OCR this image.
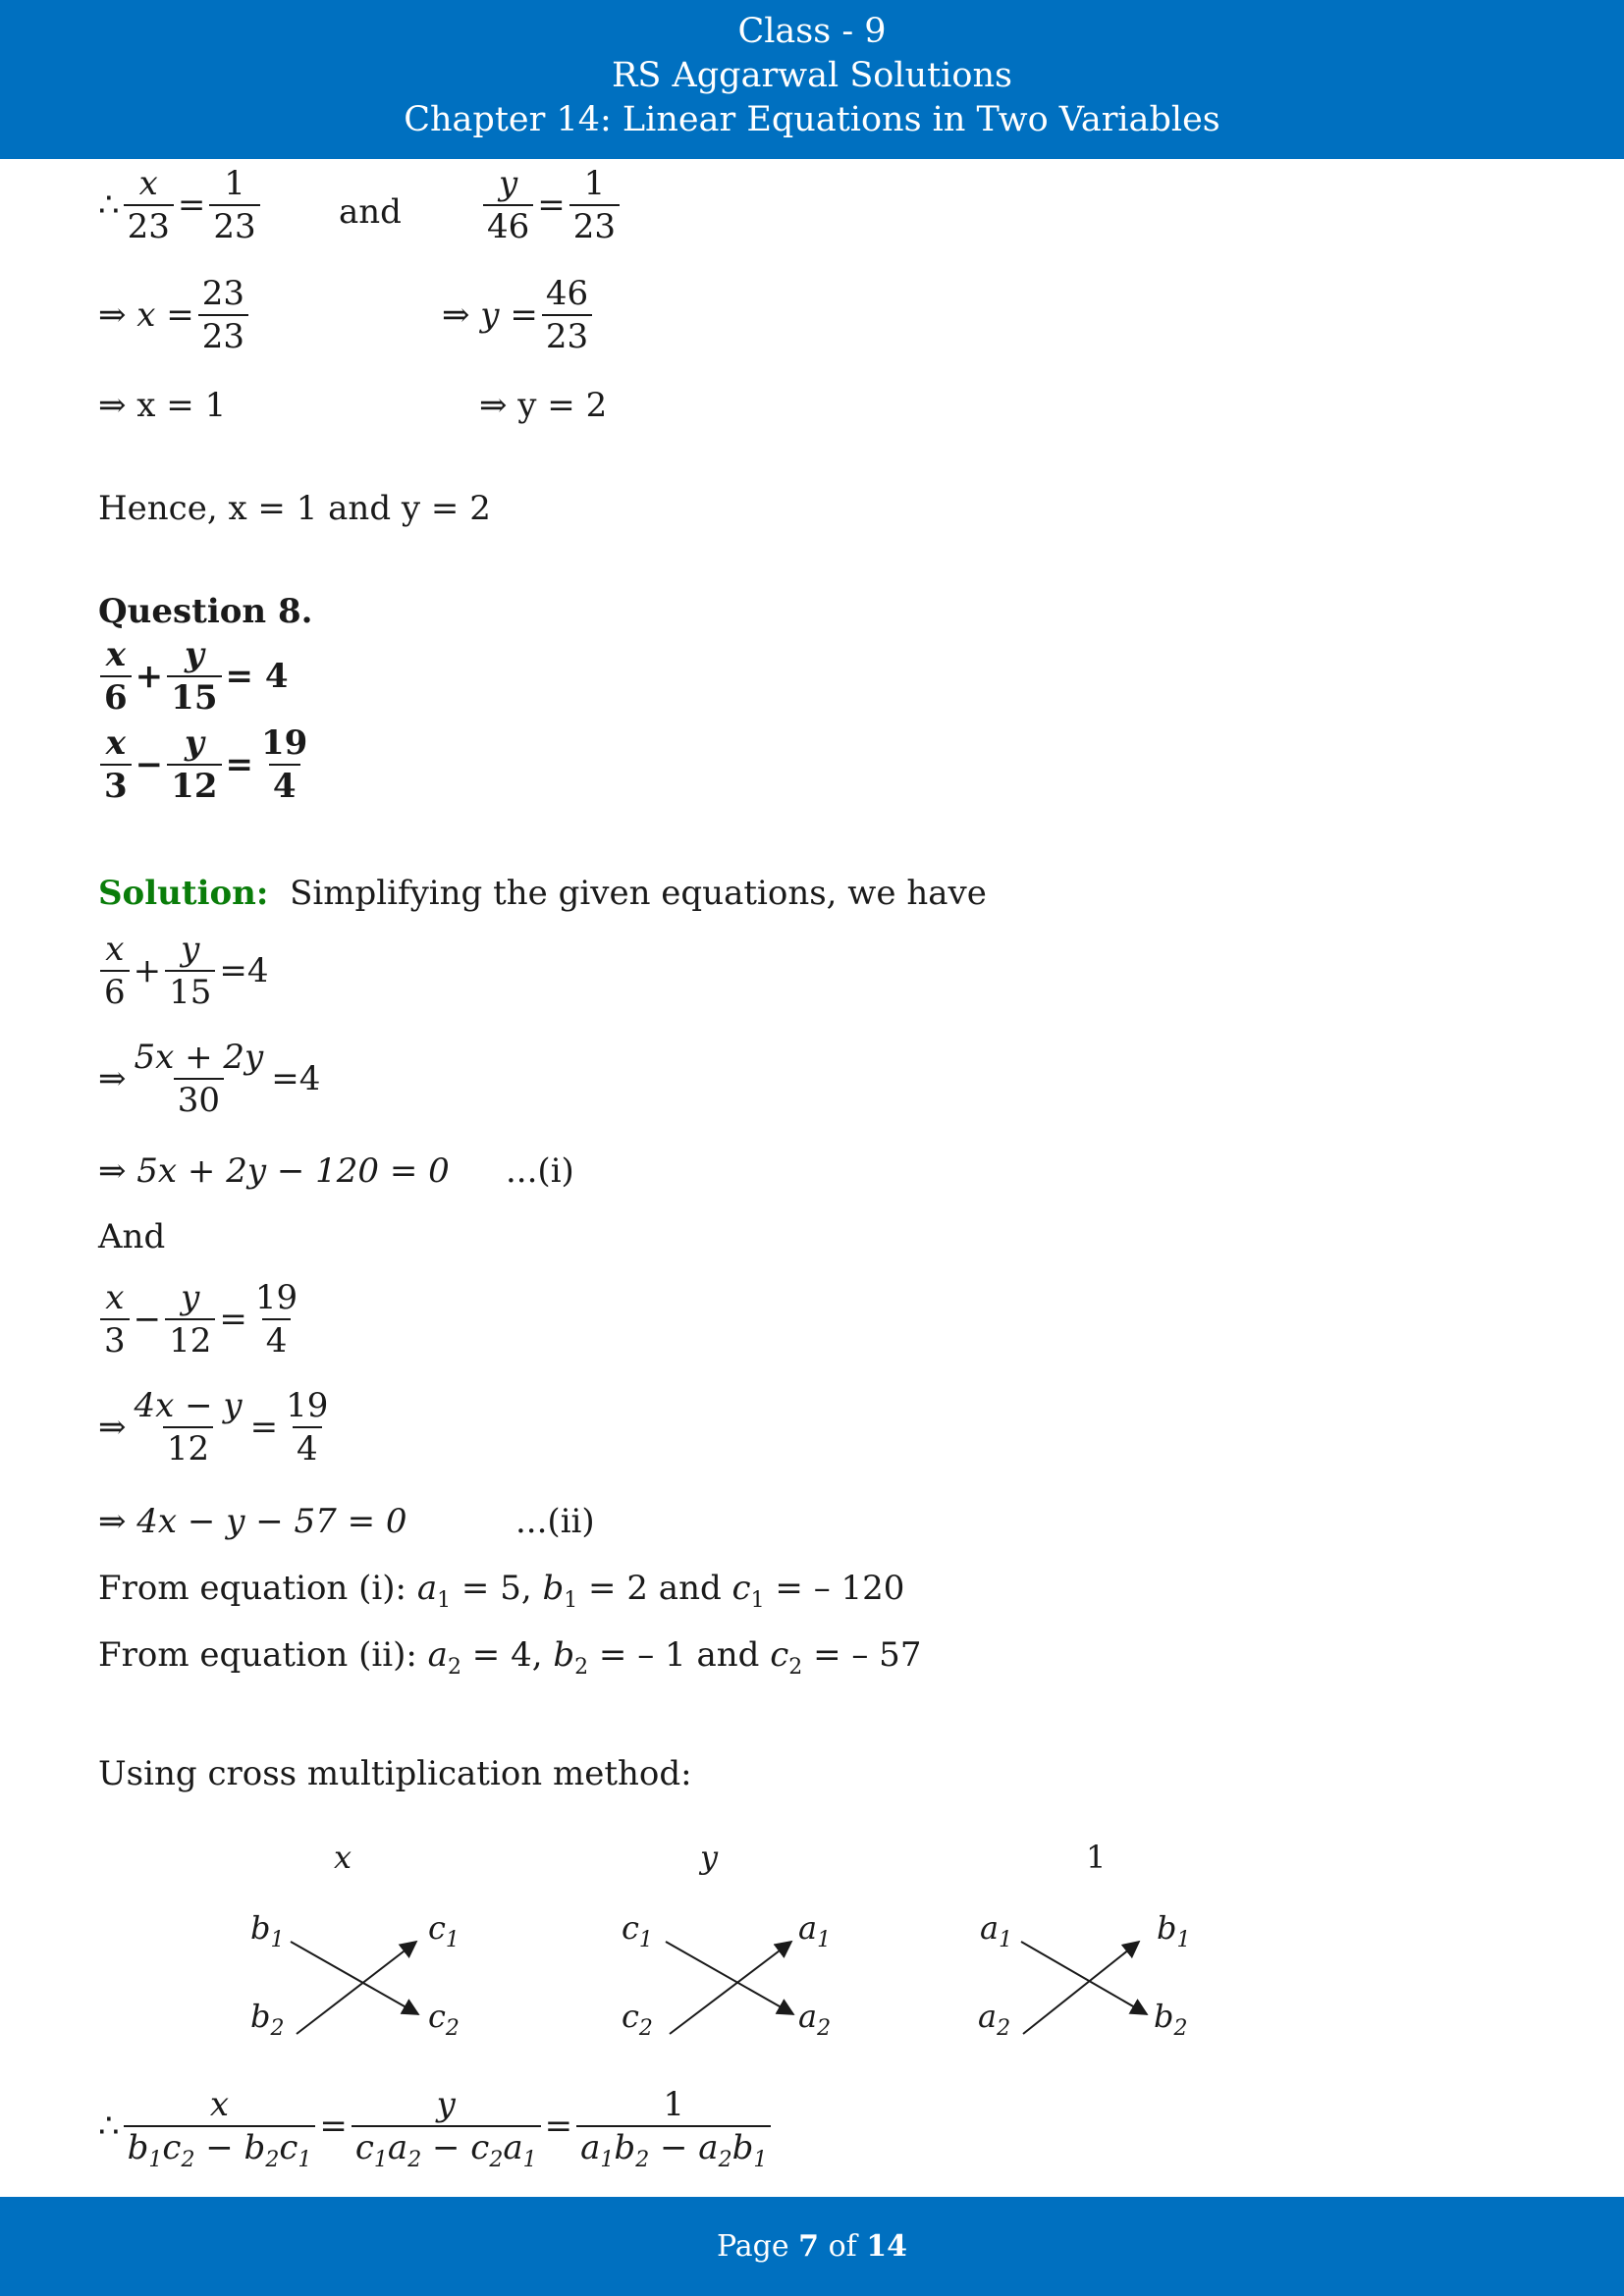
Class - 9
RS Aggarwal Solutions
Chapter 14: Linear Equations in Two Variables
∴ $\frac{x}{23} = \frac{1}{23}$ and $\frac{y}{46} = \frac{1}{23}$
⇒ $x = \frac{23}{23}$	⇒ $y = \frac{46}{23}$
⇒ x = 1	⇒ y = 2
Hence, x = 1 and y = 2
Question 8.
$\frac{x}{6} + \frac{y}{15} = 4$
$\frac{x}{3} - \frac{y}{12} = \frac{19}{4}$
Solution: Simplifying the given equations, we have
$\frac{x}{6} + \frac{y}{15} = 4$
⇒ $\frac{5x + 2y}{30} = 4$
⇒ 5x + 2y − 120 = 0 ...(i)
And
$\frac{x}{3} - \frac{y}{12} = \frac{19}{4}$
⇒ $\frac{4x - y}{12} = \frac{19}{4}$
⇒ 4x − y − 57 = 0	...(ii)
From equation (i): $a_1 = 5$, $b_1 = 2$ and $c_1$ = – 120
From equation (ii): $a_2 = 4$, $b_2$ = – 1 and $c_2$ = – 57
Using cross multiplication method:
x	y	1
$b_1$
$b_2$
$c_1$
$c_2$
$c_1$
$c_2$
$a_1$
$a_2$
$a_1$
$a_2$
$b_1$
$b_2$
∴ $\frac{x}{b_1c_2 - b_2c_1} = \frac{y}{c_1a_2 - c_2a_1} = \frac{1}{a_1b_2 - a_2b_1}$
Page 7 of 14
